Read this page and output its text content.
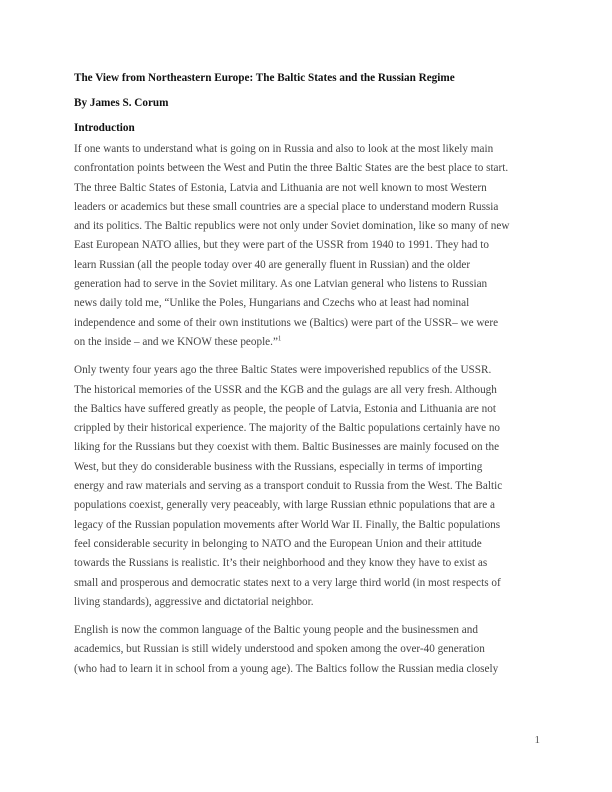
The View from Northeastern Europe: The Baltic States and the Russian Regime

By James S. Corum

Introduction

If one wants to understand what is going on in Russia and also to look at the most likely main
confrontation points between the West and Putin the three Baltic States are the best place to start.
The three Baltic States of Estonia, Latvia and Lithuania are not well known to most Western
leaders or academics but these small countries are a special place to understand modern Russia
and its politics. The Baltic republics were not only under Soviet domination, like so many of new
East European NATO allies, but they were part of the USSR from 1940 to 1991. They had to
learn Russian (all the people today over 40 are generally fluent in Russian) and the older
generation had to serve in the Soviet military. As one Latvian general who listens to Russian
news daily told me, “Unlike the Poles, Hungarians and Czechs who at least had nominal
independence and some of their own institutions we (Baltics) were part of the USSR– we were
on the inside – and we KNOW these people.”$^1$

Only twenty four years ago the three Baltic States were impoverished republics of the USSR.
The historical memories of the USSR and the KGB and the gulags are all very fresh. Although
the Baltics have suffered greatly as people, the people of Latvia, Estonia and Lithuania are not
crippled by their historical experience. The majority of the Baltic populations certainly have no
liking for the Russians but they coexist with them. Baltic Businesses are mainly focused on the
West, but they do considerable business with the Russians, especially in terms of importing
energy and raw materials and serving as a transport conduit to Russia from the West. The Baltic
populations coexist, generally very peaceably, with large Russian ethnic populations that are a
legacy of the Russian population movements after World War II. Finally, the Baltic populations
feel considerable security in belonging to NATO and the European Union and their attitude
towards the Russians is realistic. It’s their neighborhood and they know they have to exist as
small and prosperous and democratic states next to a very large third world (in most respects of
living standards), aggressive and dictatorial neighbor.

English is now the common language of the Baltic young people and the businessmen and
academics, but Russian is still widely understood and spoken among the over-40 generation
(who had to learn it in school from a young age). The Baltics follow the Russian media closely

1
